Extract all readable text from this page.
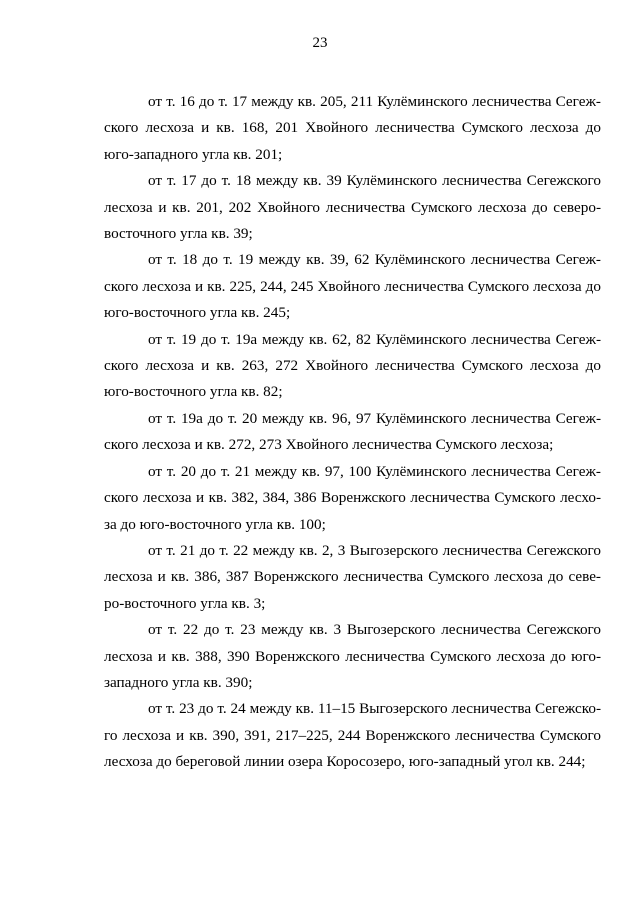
23

от т. 16 до т. 17 между кв. 205, 211 Кулёминского лесничества Сегеж-
ского лесхоза и кв. 168, 201 Хвойного лесничества Сумского лесхоза до
юго-западного угла кв. 201;

от т. 17 до т. 18 между кв. 39 Кулёминского лесничества Сегежского
лесхоза и кв. 201, 202 Хвойного лесничества Сумского лесхоза до северо-
восточного угла кв. 39;

от т. 18 до т. 19 между кв. 39, 62 Кулёминского лесничества Сегеж-
ского лесхоза и кв. 225, 244, 245 Хвойного лесничества Сумского лесхоза до
юго-восточного угла кв. 245;

от т. 19 до т. 19а между кв. 62, 82 Кулёминского лесничества Сегеж-
ского лесхоза и кв. 263, 272 Хвойного лесничества Сумского лесхоза до
юго-восточного угла кв. 82;

от т. 19а до т. 20 между кв. 96, 97 Кулёминского лесничества Сегеж-
ского лесхоза и кв. 272, 273 Хвойного лесничества Сумского лесхоза;

от т. 20 до т. 21 между кв. 97, 100 Кулёминского лесничества Сегеж-
ского лесхоза и кв. 382, 384, 386 Воренжского лесничества Сумского лесхо-
за до юго-восточного угла кв. 100;

от т. 21 до т. 22 между кв. 2, 3 Выгозерского лесничества Сегежского
лесхоза и кв. 386, 387 Воренжского лесничества Сумского лесхоза до севе-
ро-восточного угла кв. 3;

от т. 22 до т. 23 между кв. 3 Выгозерского лесничества Сегежского
лесхоза и кв. 388, 390 Воренжского лесничества Сумского лесхоза до юго-
западного угла кв. 390;

от т. 23 до т. 24 между кв. 11–15 Выгозерского лесничества Сегежско-
го лесхоза и кв. 390, 391, 217–225, 244 Воренжского лесничества Сумского
лесхоза до береговой линии озера Коросозеро, юго-западный угол кв. 244;
